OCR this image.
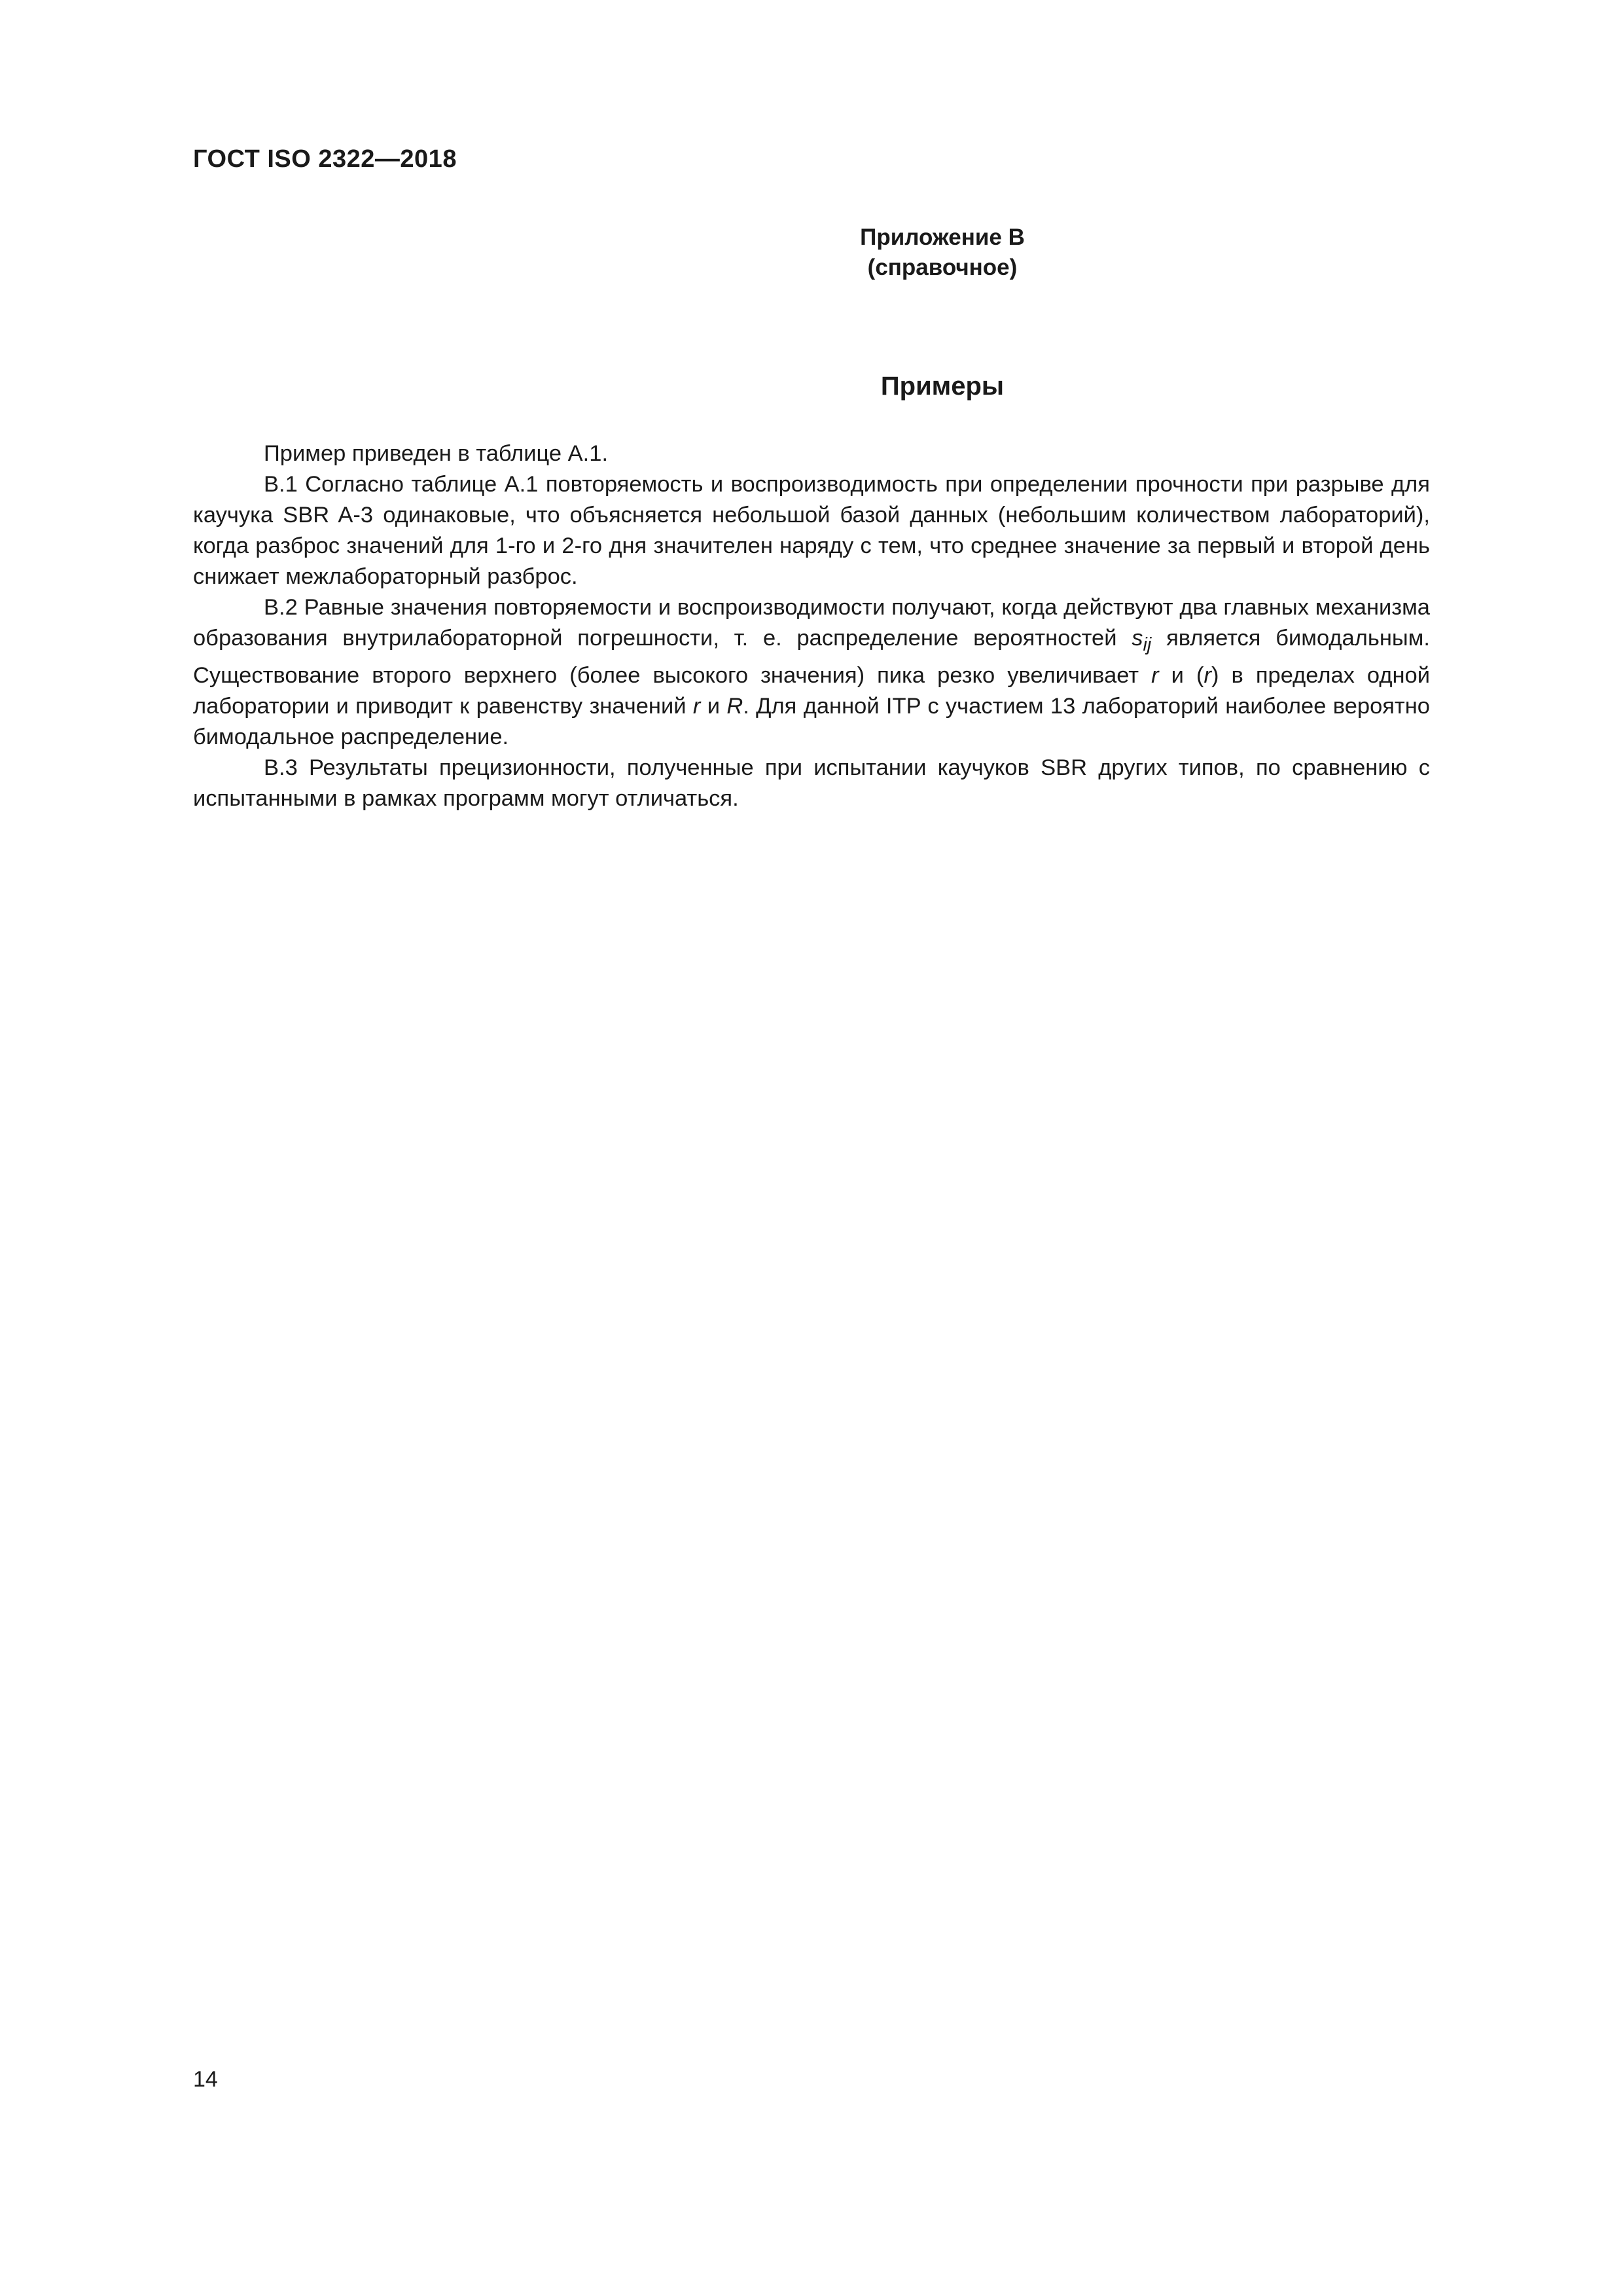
ГОСТ ISO 2322—2018
Приложение В
(справочное)
Примеры

Пример приведен в таблице А.1.

В.1 Согласно таблице А.1 повторяемость и воспроизводимость при определении прочности при разрыве для каучука SBR A-3 одинаковые, что объясняется небольшой базой данных (небольшим количеством лабораторий), когда разброс значений для 1-го и 2-го дня значителен наряду с тем, что среднее значение за первый и второй день снижает межлабораторный разброс.

В.2 Равные значения повторяемости и воспроизводимости получают, когда действуют два главных механизма образования внутрилабораторной погрешности, т. е. распределение вероятностей $s_{ij}$ является бимодальным. Существование второго верхнего (более высокого значения) пика резко увеличивает r и (r) в пределах одной лаборатории и приводит к равенству значений r и R. Для данной ITP с участием 13 лабораторий наиболее вероятно бимодальное распределение.

В.3 Результаты прецизионности, полученные при испытании каучуков SBR других типов, по сравнению с испытанными в рамках программ могут отличаться.

14
